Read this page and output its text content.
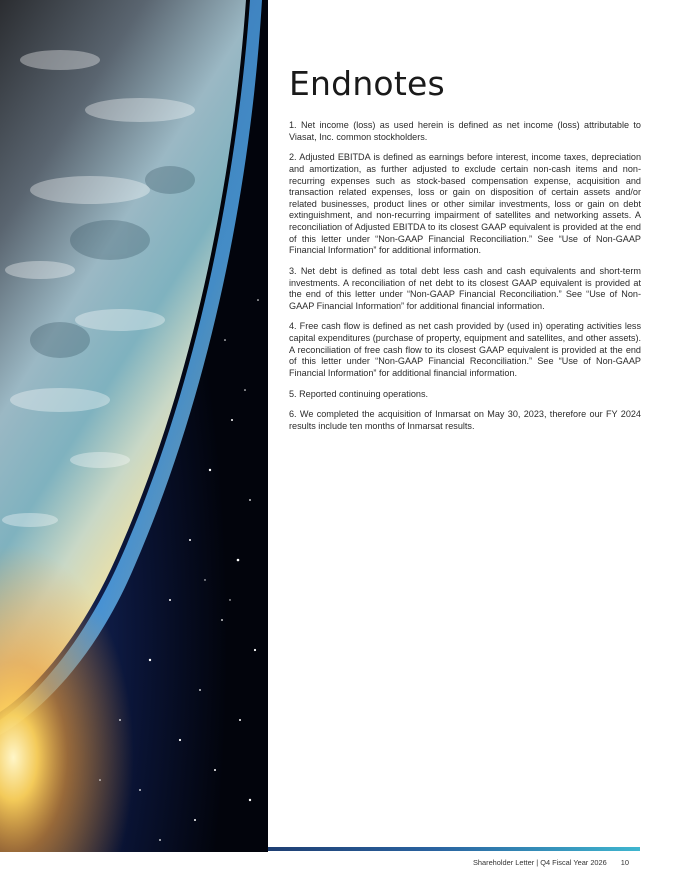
Endnotes

1. Net income (loss) as used herein is defined as net income (loss) attributable to Viasat, Inc. common stockholders.

2. Adjusted EBITDA is defined as earnings before interest, income taxes, depreciation and amortization, as further adjusted to exclude certain non-cash items and non-recurring expenses such as stock-based compensation expense, acquisition and transaction related expenses, loss or gain on disposition of certain assets and/or related businesses, product lines or other similar investments, loss or gain on debt extinguishment, and non-recurring impairment of satellites and networking assets. A reconciliation of Adjusted EBITDA to its closest GAAP equivalent is provided at the end of this letter under “Non-GAAP Financial Reconciliation.” See “Use of Non-GAAP Financial Information” for additional information.

3. Net debt is defined as total debt less cash and cash equivalents and short-term investments. A reconciliation of net debt to its closest GAAP equivalent is provided at the end of this letter under “Non-GAAP Financial Reconciliation.” See “Use of Non-GAAP Financial Information” for additional financial information.

4. Free cash flow is defined as net cash provided by (used in) operating activities less capital expenditures (purchase of property, equipment and satellites, and other assets). A reconciliation of free cash flow to its closest GAAP equivalent is provided at the end of this letter under “Non-GAAP Financial Reconciliation.” See “Use of Non-GAAP Financial Information” for additional financial information.

5. Reported continuing operations.

6. We completed the acquisition of Inmarsat on May 30, 2023, therefore our FY 2024 results include ten months of Inmarsat results.

Shareholder Letter | Q4 Fiscal Year 2026 10
